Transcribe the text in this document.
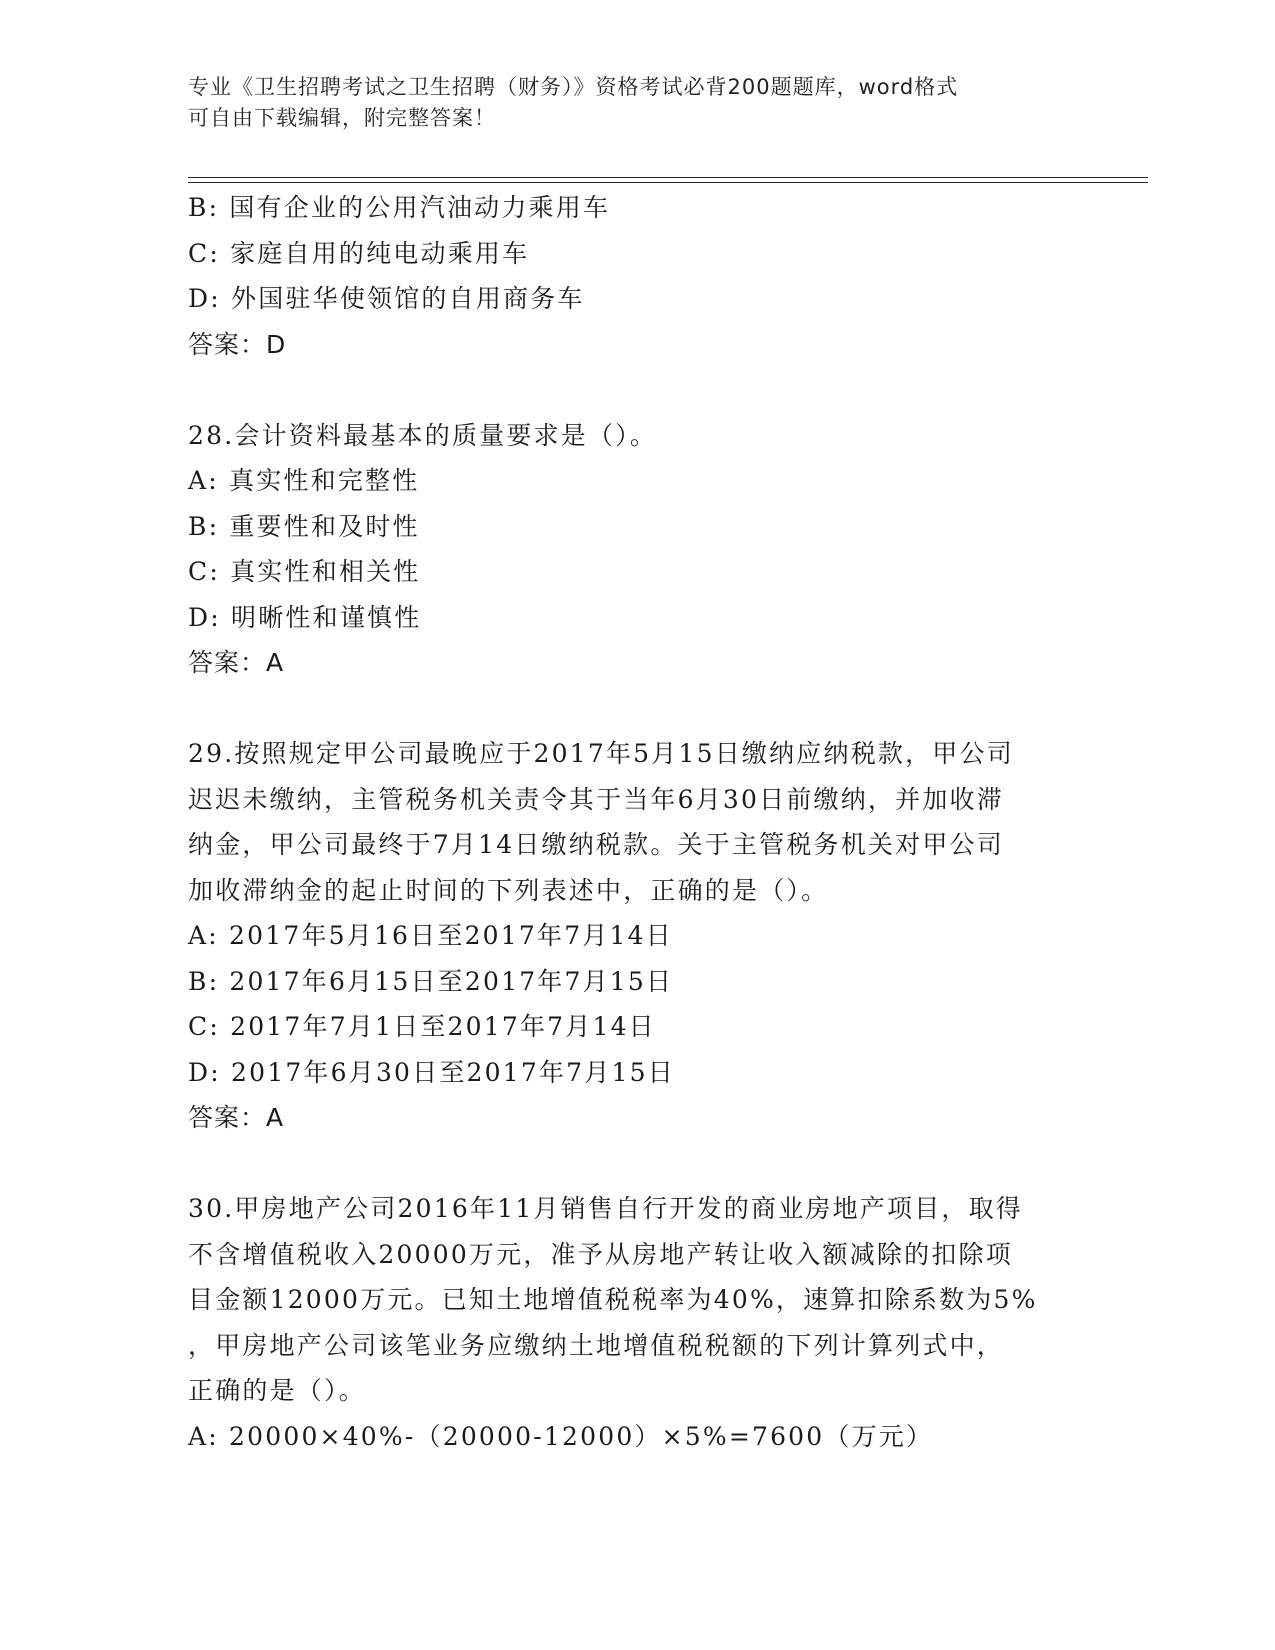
专业《卫生招聘考试之卫生招聘（财务）》资格考试必背200题题库，word格式
可自由下载编辑，附完整答案！

B: 国有企业的公用汽油动力乘用车

C: 家庭自用的纯电动乘用车

D: 外国驻华使领馆的自用商务车

答案：D

28.会计资料最基本的质量要求是（）。

A: 真实性和完整性

B: 重要性和及时性

C: 真实性和相关性

D: 明晰性和谨慎性

答案：A

29.按照规定甲公司最晚应于2017年5月15日缴纳应纳税款，甲公司

迟迟未缴纳，主管税务机关责令其于当年6月30日前缴纳，并加收滞

纳金，甲公司最终于7月14日缴纳税款。关于主管税务机关对甲公司

加收滞纳金的起止时间的下列表述中，正确的是（）。

A: 2017年5月16日至2017年7月14日

B: 2017年6月15日至2017年7月15日

C: 2017年7月1日至2017年7月14日

D: 2017年6月30日至2017年7月15日

答案：A

30.甲房地产公司2016年11月销售自行开发的商业房地产项目，取得

不含增值税收入20000万元，准予从房地产转让收入额减除的扣除项

目金额12000万元。已知土地增值税税率为40%，速算扣除系数为5%

，甲房地产公司该笔业务应缴纳土地增值税税额的下列计算列式中，

正确的是（）。

A: 20000×40%-（20000-12000）×5%=7600（万元）
